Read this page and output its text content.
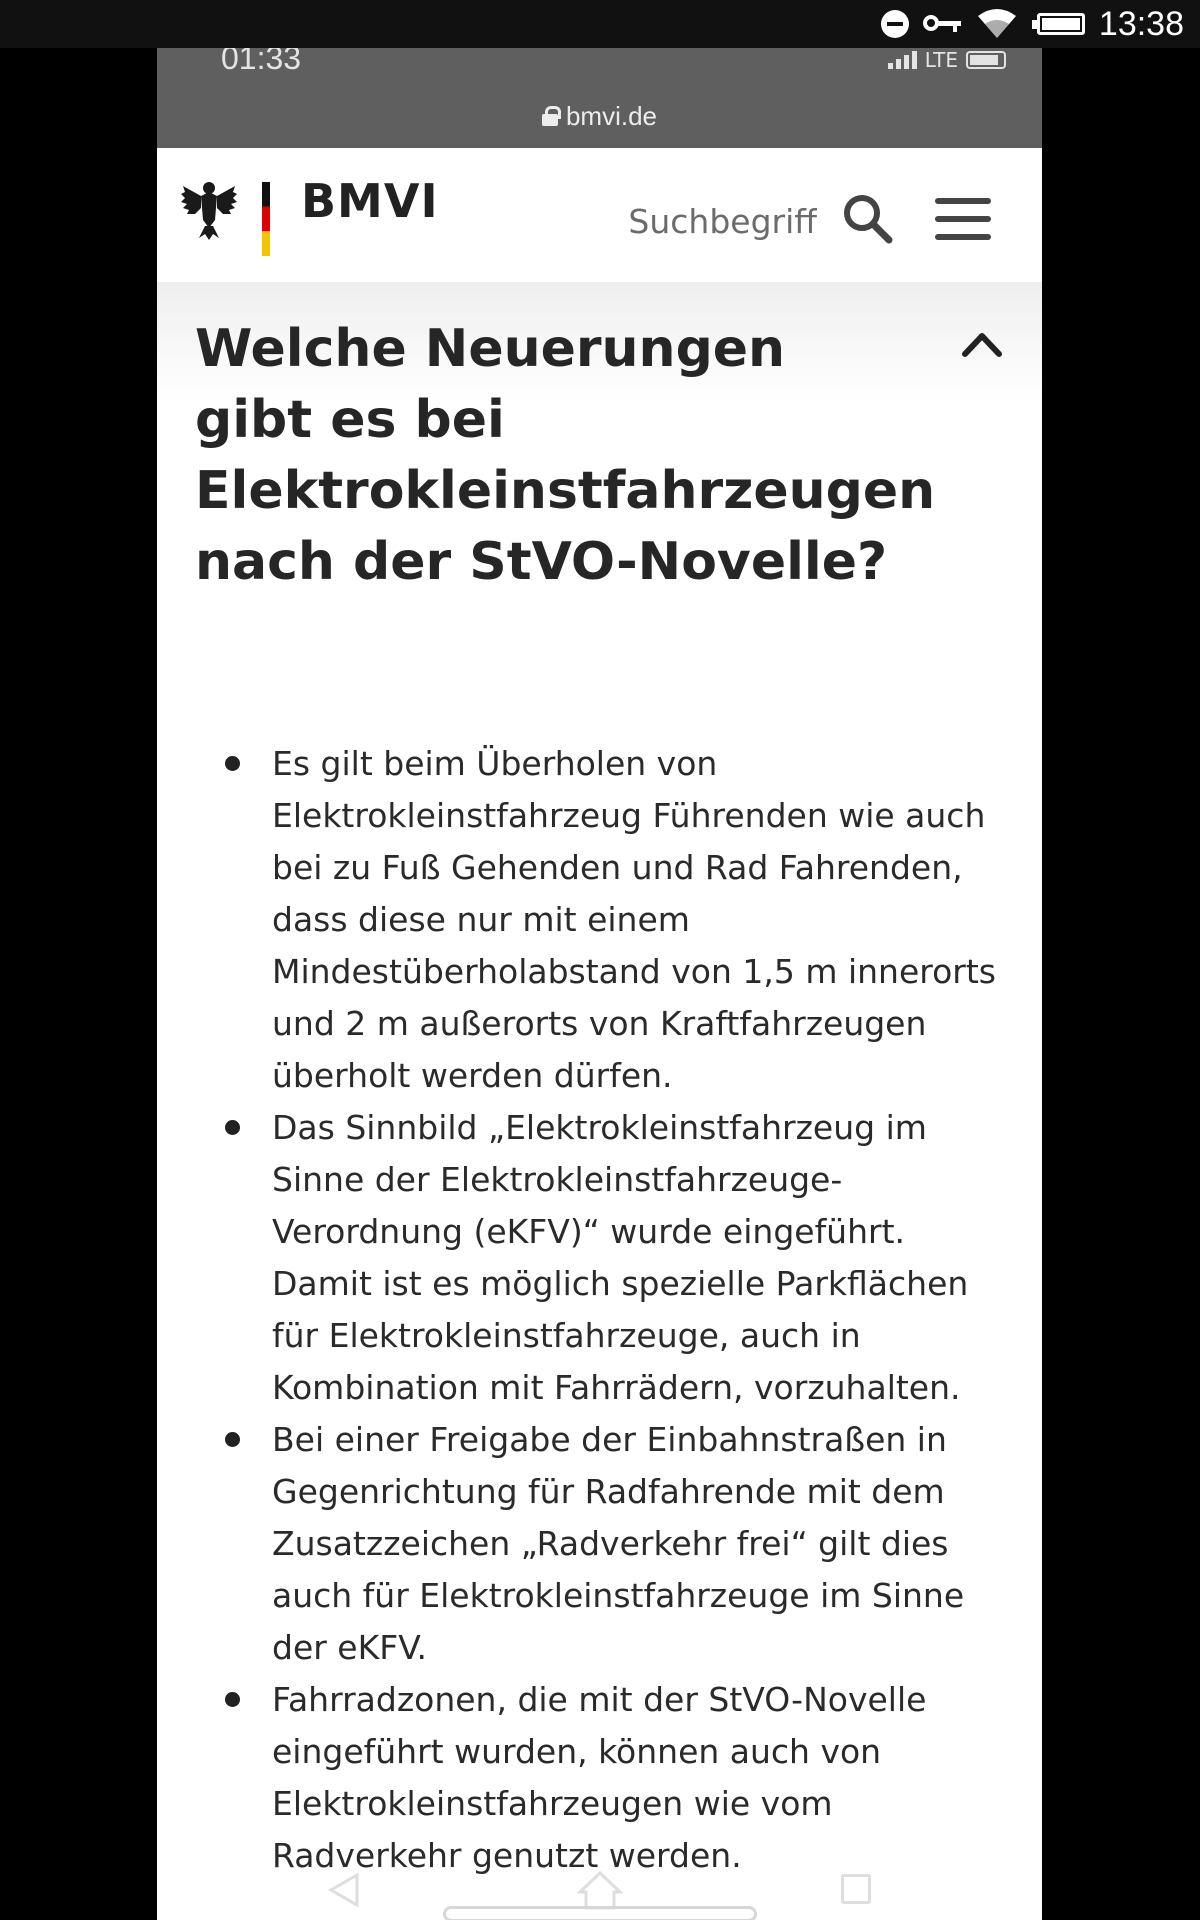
13:38
01:33	LTE
bmvi.de
BMVI
Suchbegriff
Welche Neuerungen gibt es bei Elektrokleinstfahrzeugen nach der StVO-Novelle?
Es gilt beim Überholen von Elektrokleinstfahrzeug Führenden wie auch bei zu Fuß Gehenden und Rad Fahrenden, dass diese nur mit einem Mindestüberholabstand von 1,5 m innerorts und 2 m außerorts von Kraftfahrzeugen überholt werden dürfen.
Das Sinnbild „Elektrokleinstfahrzeug im Sinne der Elektrokleinstfahrzeuge-Verordnung (eKFV)“ wurde eingeführt. Damit ist es möglich spezielle Parkflächen für Elektrokleinstfahrzeuge, auch in Kombination mit Fahrrädern, vorzuhalten.
Bei einer Freigabe der Einbahnstraßen in Gegenrichtung für Radfahrende mit dem Zusatzzeichen „Radverkehr frei“ gilt dies auch für Elektrokleinstfahrzeuge im Sinne der eKFV.
Fahrradzonen, die mit der StVO-Novelle eingeführt wurden, können auch von Elektrokleinstfahrzeugen wie vom Radverkehr genutzt werden.
